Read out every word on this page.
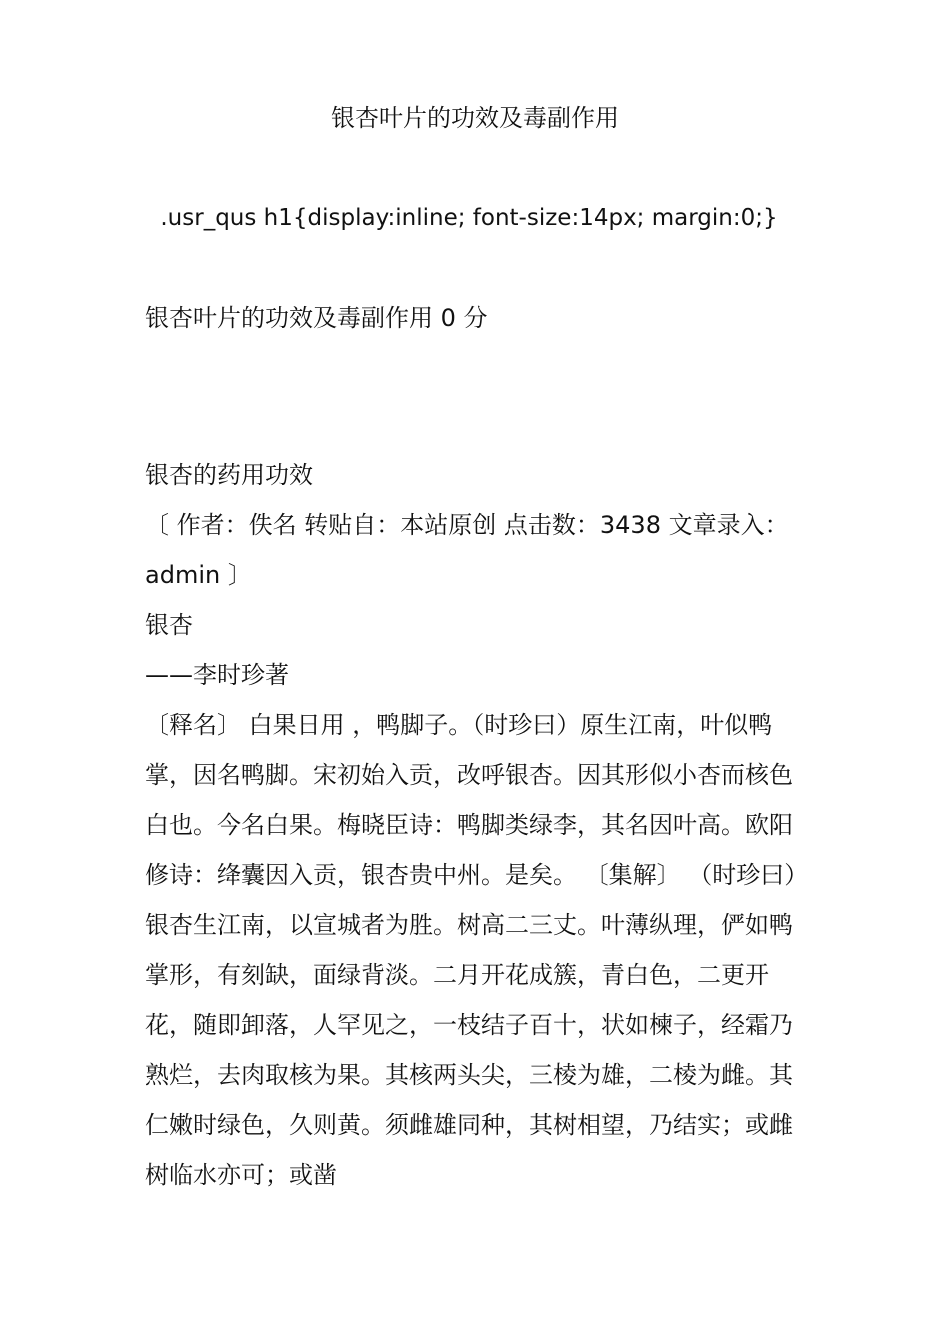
银杏叶片的功效及毒副作用
.usr_qus h1{display:inline; font-size:14px; margin:0;}
银杏叶片的功效及毒副作用 0 分

银杏的药用功效

〔 作者：佚名 转贴自：本站原创 点击数：3438 文章录入：admin 〕

银杏

——李时珍著

〔释名〕 白果日用 ，鸭脚子。（时珍曰）原生江南，叶似鸭掌，因名鸭脚。宋初始入贡，改呼银杏。因其形似小杏而核色白也。今名白果。梅晓臣诗：鸭脚类绿李，其名因叶高。欧阳修诗：绛囊因入贡，银杏贵中州。是矣。 〔集解〕 （时珍曰）银杏生江南，以宣城者为胜。树高二三丈。叶薄纵理，俨如鸭掌形，有刻缺，面绿背淡。二月开花成簇，青白色，二更开花，随即卸落，人罕见之，一枝结子百十，状如楝子，经霜乃熟烂，去肉取核为果。其核两头尖，三棱为雄，二棱为雌。其仁嫩时绿色，久则黄。须雌雄同种，其树相望，乃结实；或雌树临水亦可；或凿
